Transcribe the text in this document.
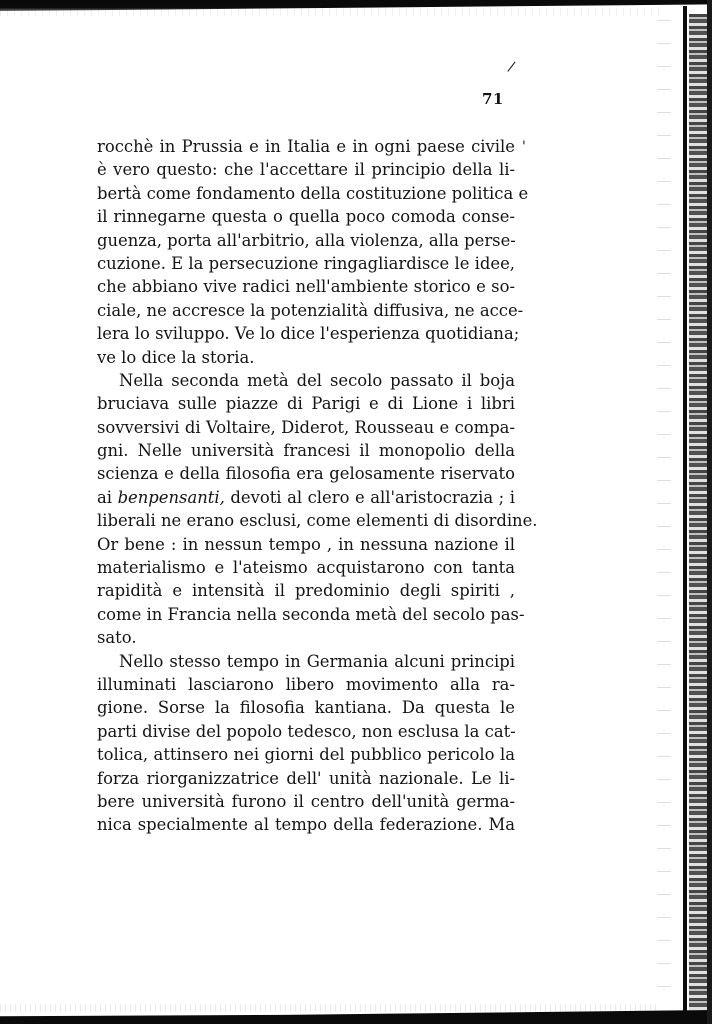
/
'
71
rocchè in Prussia e in Italia e in ogni paese civile
è vero questo: che l'accettare il principio della li-
bertà come fondamento della costituzione politica e
il rinnegarne questa o quella poco comoda conse-
guenza, porta all'arbitrio, alla violenza, alla perse-
cuzione. E la persecuzione ringagliardisce le idee,
che abbiano vive radici nell'ambiente storico e so-
ciale, ne accresce la potenzialità diffusiva, ne acce-
lera lo sviluppo. Ve lo dice l'esperienza quotidiana;
ve lo dice la storia.
Nella seconda metà del secolo passato il boja
bruciava sulle piazze di Parigi e di Lione i libri
sovversivi di Voltaire, Diderot, Rousseau e compa-
gni. Nelle università francesi il monopolio della
scienza e della filosofia era gelosamente riservato
ai benpensanti, devoti al clero e all'aristocrazia ; i
liberali ne erano esclusi, come elementi di disordine.
Or bene : in nessun tempo , in nessuna nazione il
materialismo e l'ateismo acquistarono con tanta
rapidità e intensità il predominio degli spiriti ,
come in Francia nella seconda metà del secolo pas-
sato.
Nello stesso tempo in Germania alcuni principi
illuminati lasciarono libero movimento alla ra-
gione. Sorse la filosofia kantiana. Da questa le
parti divise del popolo tedesco, non esclusa la cat-
tolica, attinsero nei giorni del pubblico pericolo la
forza riorganizzatrice dell' unità nazionale. Le li-
bere università furono il centro dell'unità germa-
nica specialmente al tempo della federazione. Ma
